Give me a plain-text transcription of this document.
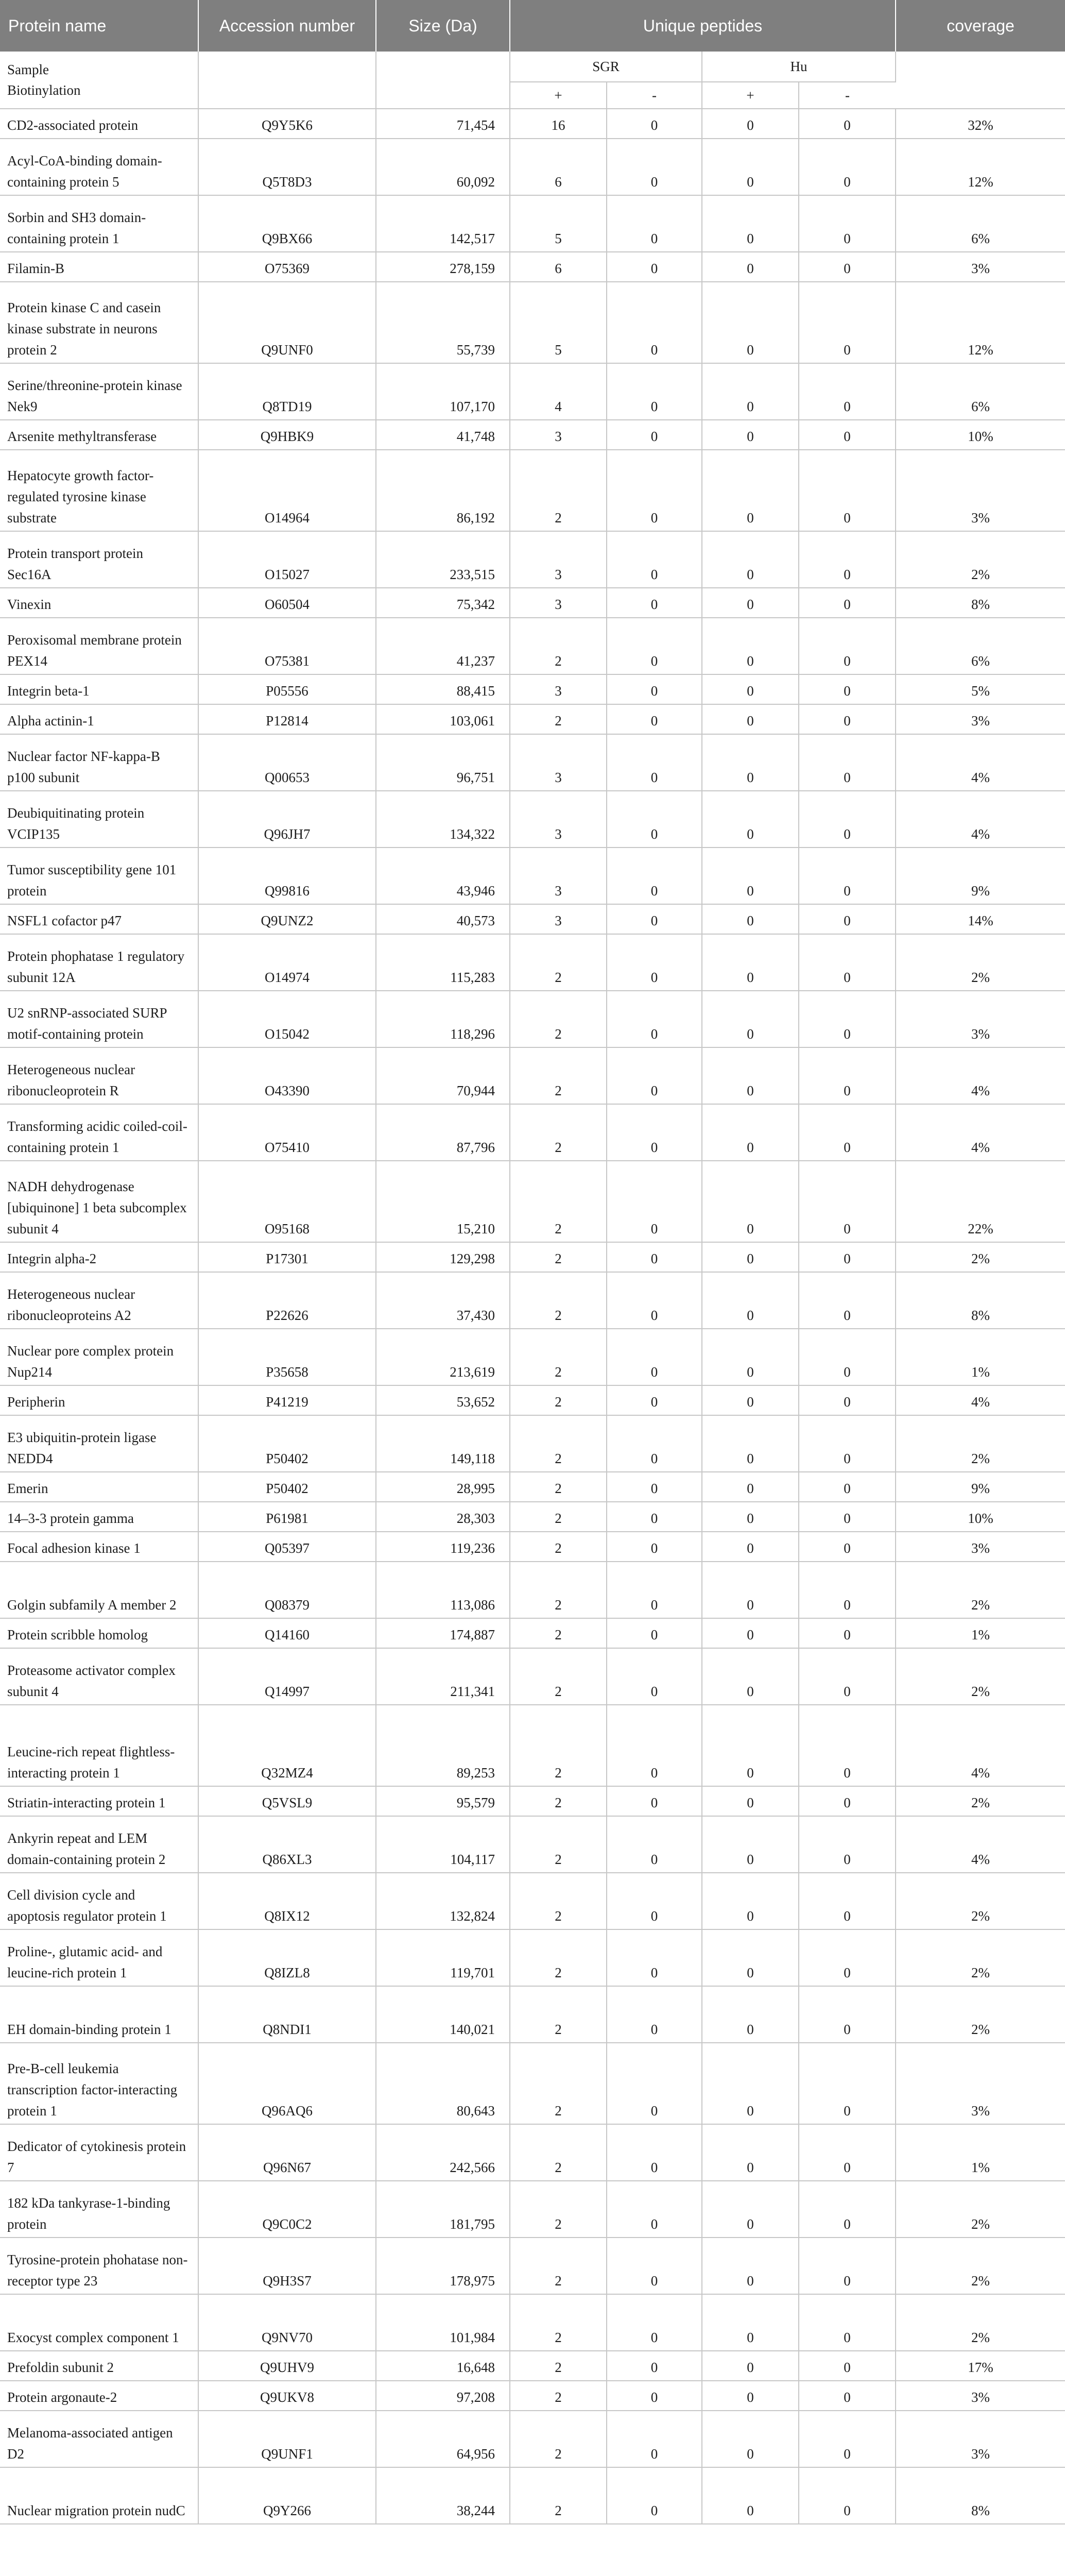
Protein name	Accession number	Size (Da)	Unique peptides				coverage
Sample
Biotinylation			SGR		Hu		
			+	-	+	-	
CD2-associated protein	Q9Y5K6	71,454	16	0	0	0	32%
Acyl-CoA-binding domain-containing protein 5	Q5T8D3	60,092	6	0	0	0	12%
Sorbin and SH3 domain-containing protein 1	Q9BX66	142,517	5	0	0	0	6%
Filamin-B	O75369	278,159	6	0	0	0	3%
Protein kinase C and casein kinase substrate in neurons protein 2	Q9UNF0	55,739	5	0	0	0	12%
Serine/threonine-protein kinase Nek9	Q8TD19	107,170	4	0	0	0	6%
Arsenite methyltransferase	Q9HBK9	41,748	3	0	0	0	10%
Hepatocyte growth factor-regulated tyrosine kinase substrate	O14964	86,192	2	0	0	0	3%
Protein transport protein Sec16A	O15027	233,515	3	0	0	0	2%
Vinexin	O60504	75,342	3	0	0	0	8%
Peroxisomal membrane protein PEX14	O75381	41,237	2	0	0	0	6%
Integrin beta-1	P05556	88,415	3	0	0	0	5%
Alpha actinin-1	P12814	103,061	2	0	0	0	3%
Nuclear factor NF-kappa-B p100 subunit	Q00653	96,751	3	0	0	0	4%
Deubiquitinating protein VCIP135	Q96JH7	134,322	3	0	0	0	4%
Tumor susceptibility gene 101 protein	Q99816	43,946	3	0	0	0	9%
NSFL1 cofactor p47	Q9UNZ2	40,573	3	0	0	0	14%
Protein phophatase 1 regulatory subunit 12A	O14974	115,283	2	0	0	0	2%
U2 snRNP-associated SURP motif-containing protein	O15042	118,296	2	0	0	0	3%
Heterogeneous nuclear ribonucleoprotein R	O43390	70,944	2	0	0	0	4%
Transforming acidic coiled-coil-containing protein 1	O75410	87,796	2	0	0	0	4%
NADH dehydrogenase [ubiquinone] 1 beta subcomplex subunit 4	O95168	15,210	2	0	0	0	22%
Integrin alpha-2	P17301	129,298	2	0	0	0	2%
Heterogeneous nuclear ribonucleoproteins A2	P22626	37,430	2	0	0	0	8%
Nuclear pore complex protein Nup214	P35658	213,619	2	0	0	0	1%
Peripherin	P41219	53,652	2	0	0	0	4%
E3 ubiquitin-protein ligase NEDD4	P50402	149,118	2	0	0	0	2%
Emerin	P50402	28,995	2	0	0	0	9%
14–3-3 protein gamma	P61981	28,303	2	0	0	0	10%
Focal adhesion kinase 1	Q05397	119,236	2	0	0	0	3%
Golgin subfamily A member 2	Q08379	113,086	2	0	0	0	2%
Protein scribble homolog	Q14160	174,887	2	0	0	0	1%
Proteasome activator complex subunit 4	Q14997	211,341	2	0	0	0	2%
Leucine-rich repeat flightless-interacting protein 1	Q32MZ4	89,253	2	0	0	0	4%
Striatin-interacting protein 1	Q5VSL9	95,579	2	0	0	0	2%
Ankyrin repeat and LEM domain-containing protein 2	Q86XL3	104,117	2	0	0	0	4%
Cell division cycle and apoptosis regulator protein 1	Q8IX12	132,824	2	0	0	0	2%
Proline-, glutamic acid- and leucine-rich protein 1	Q8IZL8	119,701	2	0	0	0	2%
EH domain-binding protein 1	Q8NDI1	140,021	2	0	0	0	2%
Pre-B-cell leukemia transcription factor-interacting protein 1	Q96AQ6	80,643	2	0	0	0	3%
Dedicator of cytokinesis protein 7	Q96N67	242,566	2	0	0	0	1%
182 kDa tankyrase-1-binding protein	Q9C0C2	181,795	2	0	0	0	2%
Tyrosine-protein phohatase non-receptor type 23	Q9H3S7	178,975	2	0	0	0	2%
Exocyst complex component 1	Q9NV70	101,984	2	0	0	0	2%
Prefoldin subunit 2	Q9UHV9	16,648	2	0	0	0	17%
Protein argonaute-2	Q9UKV8	97,208	2	0	0	0	3%
Melanoma-associated antigen D2	Q9UNF1	64,956	2	0	0	0	3%
Nuclear migration protein nudC	Q9Y266	38,244	2	0	0	0	8%
